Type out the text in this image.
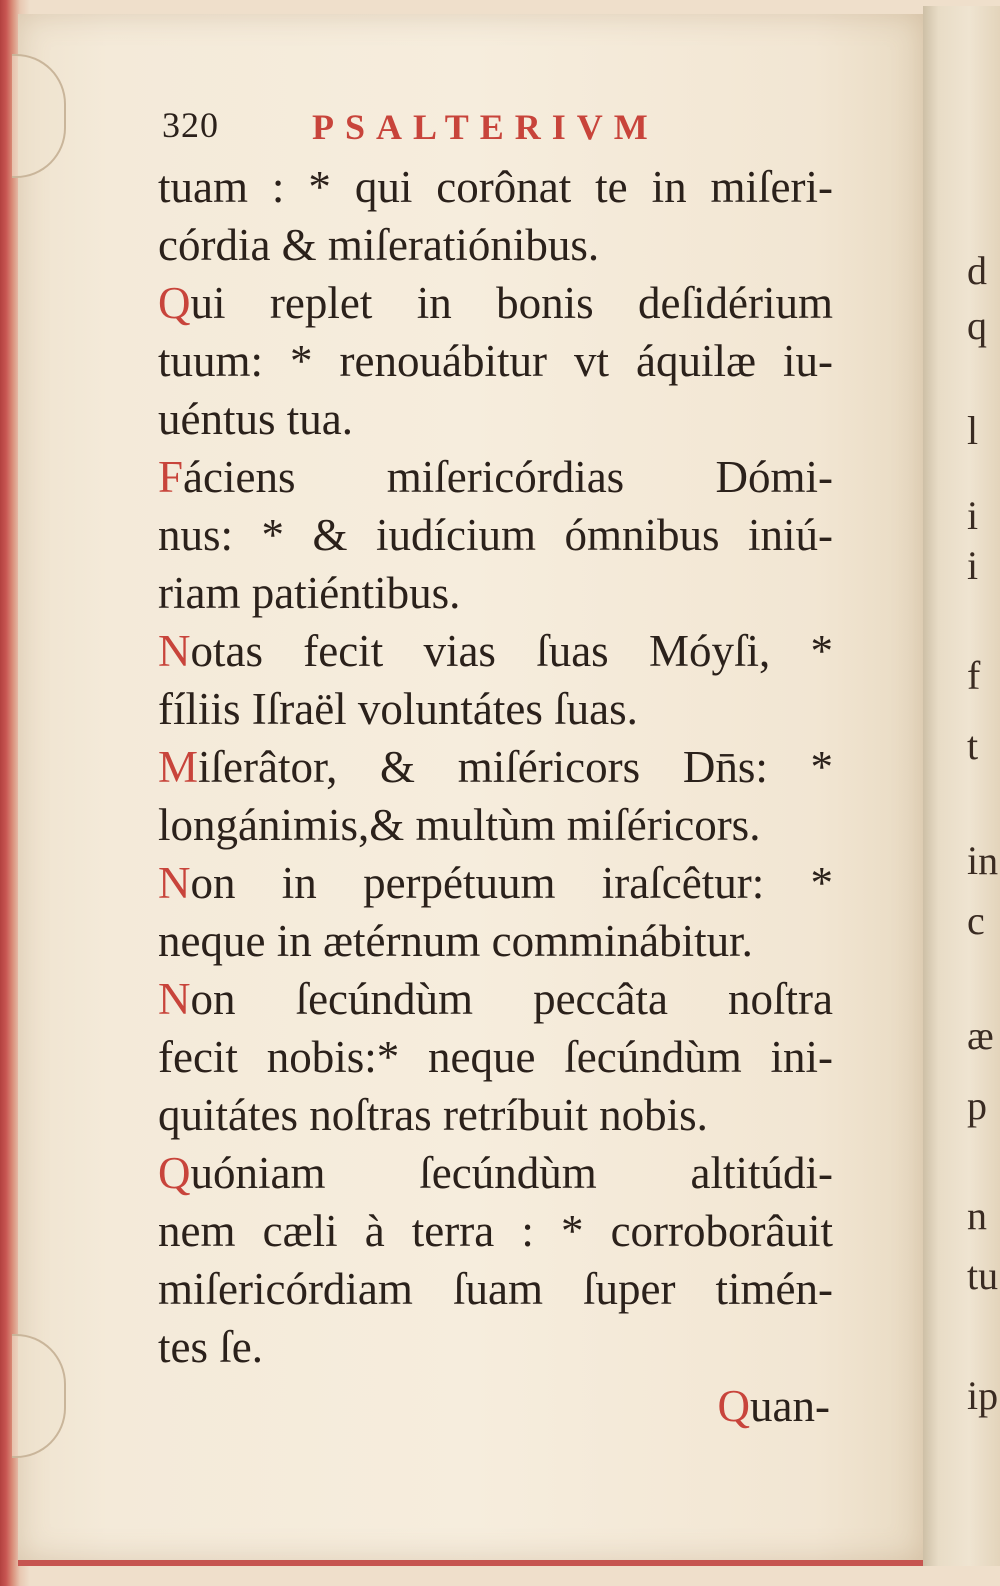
d
q
l
i
i
f
t
in
c
æ
p
n
tu
ip
320	PSALTERIVM
tuam : * qui corônat te in miſeri-
córdia & miſeratiónibus.
Qui replet in bonis deſidérium
tuum: * renouábitur vt áquilæ iu-
uéntus tua.
Fáciens miſericórdias Dómi-
nus: * & iudícium ómnibus iniú-
riam patiéntibus.
Notas fecit vias ſuas Móyſi, *
fíliis Iſraël voluntátes ſuas.
Miſerâtor, & miſéricors Dn̄s: *
longánimis,& multùm miſéricors.
Non in perpétuum iraſcêtur: *
neque in ætérnum comminábitur.
Non ſecúndùm peccâta noſtra
fecit nobis:* neque ſecúndùm ini-
quitátes noſtras retríbuit nobis.
Quóniam ſecúndùm altitúdi-
nem cæli à terra : * corroborâuit
miſericórdiam ſuam ſuper timén-
tes ſe.
Quan-
